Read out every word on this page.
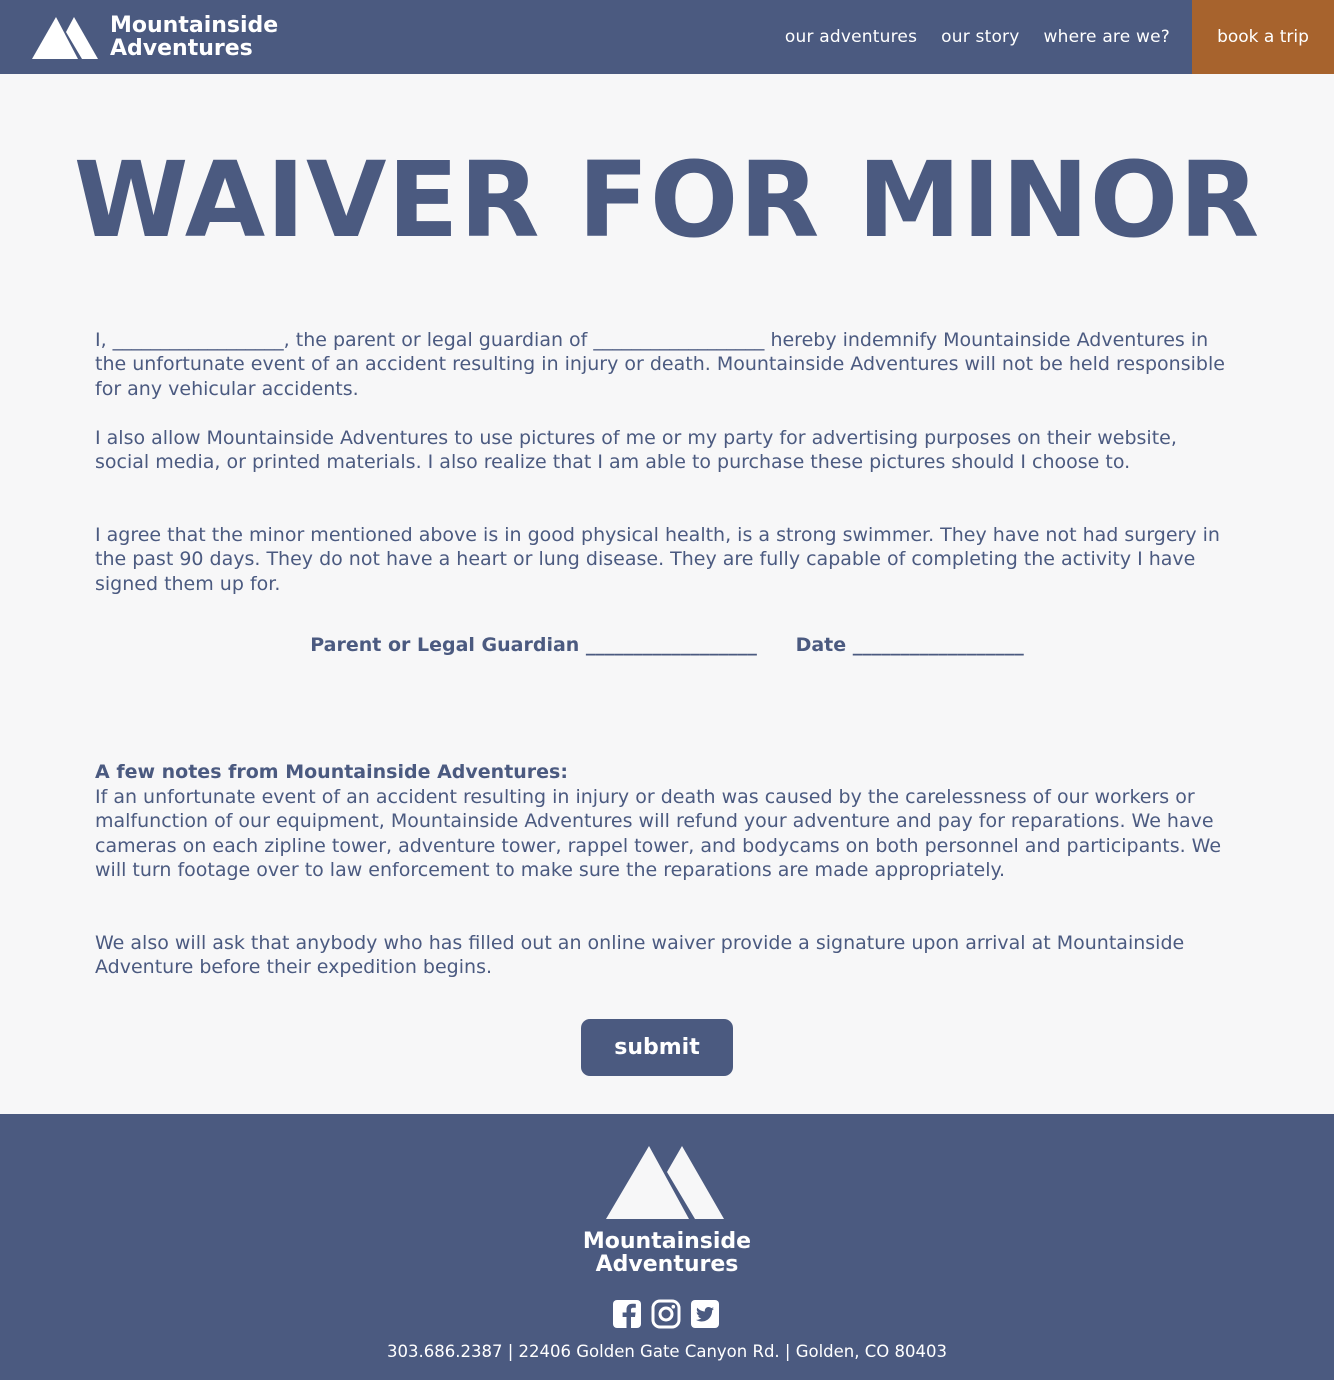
Mountainside
Adventures	our adventures our story where are we?	book a trip
WAIVER FOR MINOR

I, __________________, the parent or legal guardian of __________________ hereby indemnify Mountainside Adventures in the unfortunate event of an accident resulting in injury or death. Mountainside Adventures will not be held responsible for any vehicular accidents.

I also allow Mountainside Adventures to use pictures of me or my party for advertising purposes on their website, social media, or printed materials. I also realize that I am able to purchase these pictures should I choose to.

I agree that the minor mentioned above is in good physical health, is a strong swimmer. They have not had surgery in the past 90 days. They do not have a heart or lung disease. They are fully capable of completing the activity I have signed them up for.

Parent or Legal Guardian __________________ Date __________________

A few notes from Mountainside Adventures:

If an unfortunate event of an accident resulting in injury or death was caused by the carelessness of our workers or malfunction of our equipment, Mountainside Adventures will refund your adventure and pay for reparations. We have cameras on each zipline tower, adventure tower, rappel tower, and bodycams on both personnel and participants. We will turn footage over to law enforcement to make sure the reparations are made appropriately.

We also will ask that anybody who has filled out an online waiver provide a signature upon arrival at Mountainside Adventure before their expedition begins.

submit
Mountainside
Adventures
303.686.2387 | 22406 Golden Gate Canyon Rd. | Golden, CO 80403
